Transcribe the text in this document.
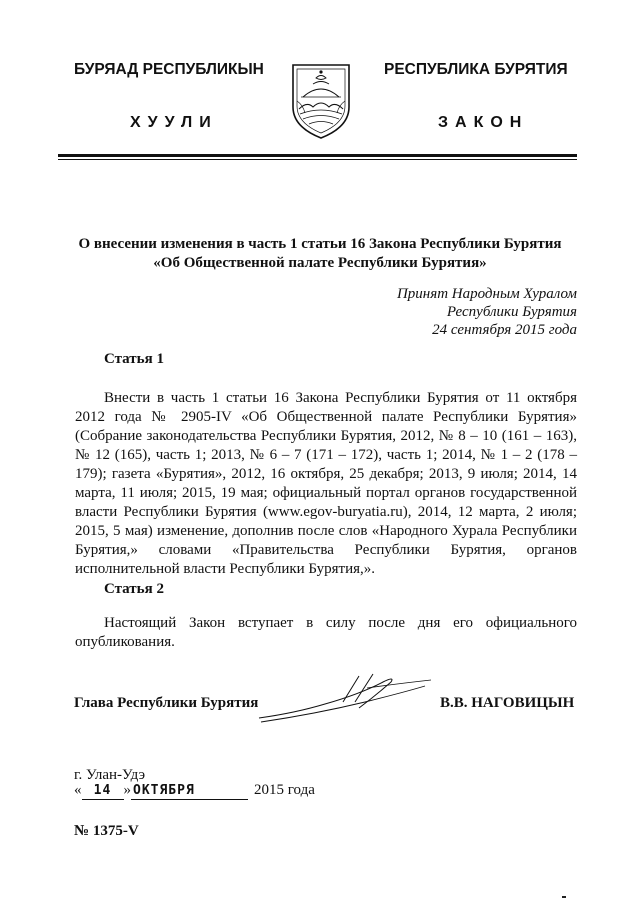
БУРЯАД РЕСПУБЛИКЫН	РЕСПУБЛИКА БУРЯТИЯ
ХУУЛИ	ЗАКОН
О внесении изменения в часть 1 статьи 16 Закона Республики Бурятия
«Об Общественной палате Республики Бурятия»
Принят Народным Хуралом
Республики Бурятия
24 сентября 2015 года
Статья 1
Внести в часть 1 статьи 16 Закона Республики Бурятия от 11 октября 2012 года № 2905-IV «Об Общественной палате Республики Бурятия» (Собрание законодательства Республики Бурятия, 2012, № 8 – 10 (161 – 163), № 12 (165), часть 1; 2013, № 6 – 7 (171 – 172), часть 1; 2014, № 1 – 2 (178 – 179); газета «Бурятия», 2012, 16 октября, 25 декабря; 2013, 9 июля; 2014, 14 марта, 11 июля; 2015, 19 мая; официальный портал органов государственной власти Республики Бурятия (www.egov-buryatia.ru), 2014, 12 марта, 2 июля; 2015, 5 мая) изменение, дополнив после слов «Народного Хурала Республики Бурятия,» словами «Правительства Республики Бурятия, органов исполнительной власти Республики Бурятия,».
Статья 2
Настоящий Закон вступает в силу после дня его официального опубликования.
Глава Республики Бурятия	В.В. НАГОВИЦЫН
г. Улан-Удэ
« 14 » ОКТЯБРЯ	2015 года
№ 1375-V
